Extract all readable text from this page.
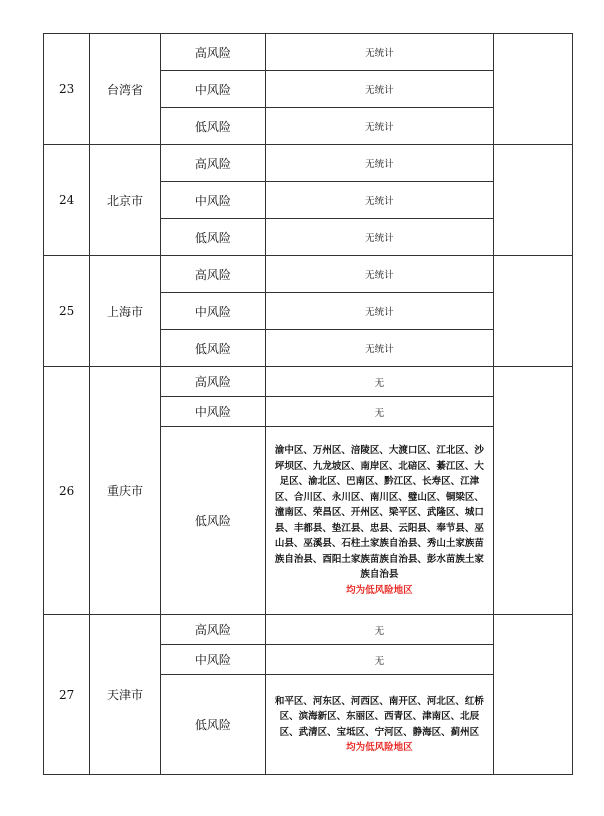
23	台湾省	高风险	无统计	
		中风险	无统计	
		低风险	无统计	
24	北京市	高风险	无统计	
		中风险	无统计	
		低风险	无统计	
25	上海市	高风险	无统计	
		中风险	无统计	
		低风险	无统计	
26	重庆市	高风险	无	
		中风险	无	
		低风险	渝中区、万州区、涪陵区、大渡口区、江北区、沙坪坝区、九龙坡区、南岸区、北碚区、綦江区、大足区、渝北区、巴南区、黔江区、长寿区、江津区、合川区、永川区、南川区、璧山区、铜梁区、潼南区、荣昌区、开州区、梁平区、武隆区、城口县、丰都县、垫江县、忠县、云阳县、奉节县、巫山县、巫溪县、石柱土家族自治县、秀山土家族苗族自治县、酉阳土家族苗族自治县、彭水苗族土家族自治县
均为低风险地区	

27	天津市	高风险	无	
		中风险	无	
		低风险	和平区、河东区、河西区、南开区、河北区、红桥区、滨海新区、东丽区、西青区、津南区、北辰区、武清区、宝坻区、宁河区、静海区、蓟州区
均为低风险地区	
